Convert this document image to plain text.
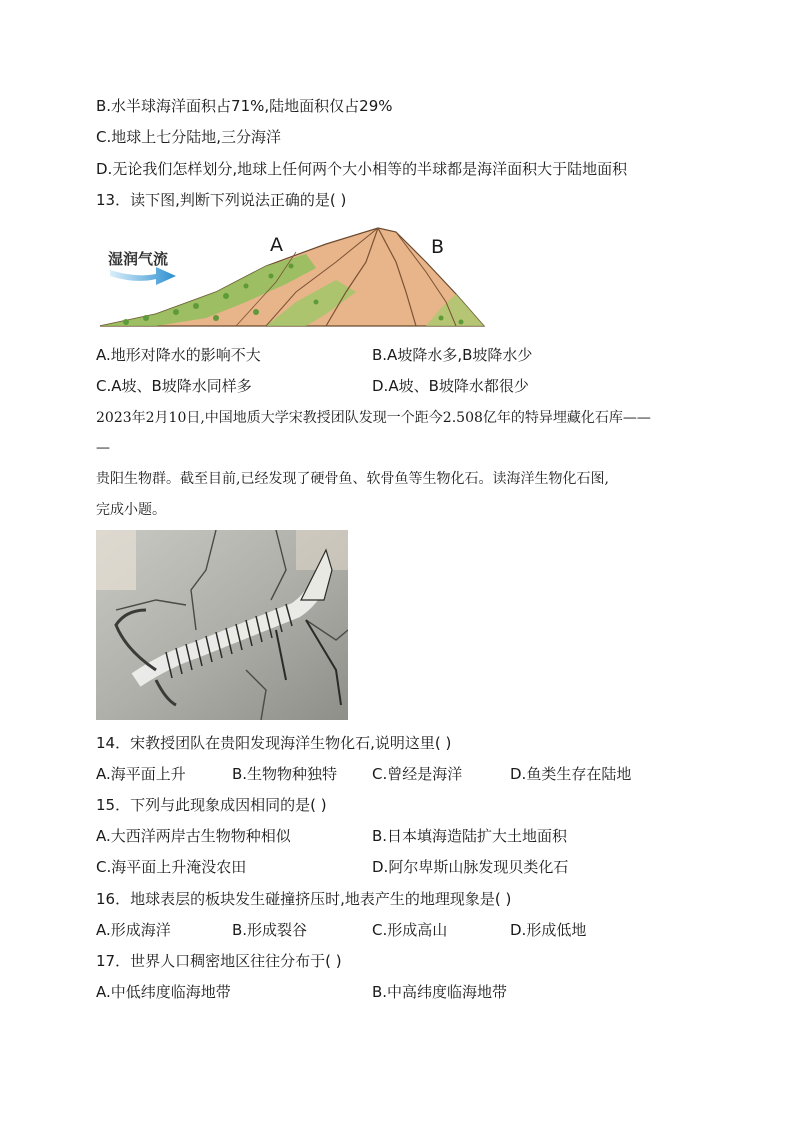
B.水半球海洋面积占71%,陆地面积仅占29%
C.地球上七分陆地,三分海洋
D.无论我们怎样划分,地球上任何两个大小相等的半球都是海洋面积大于陆地面积
13．读下图,判断下列说法正确的是( )
湿润气流
A	B
A.地形对降水的影响不大	B.A坡降水多,B坡降水少
C.A坡、B坡降水同样多	D.A坡、B坡降水都很少
2023年2月10日,中国地质大学宋教授团队发现一个距今2.508亿年的特异埋藏化石库——
—
贵阳生物群。截至目前,已经发现了硬骨鱼、软骨鱼等生物化石。读海洋生物化石图,
完成小题。
14．宋教授团队在贵阳发现海洋生物化石,说明这里( )
A.海平面上升	B.生物物种独特 C.曾经是海洋	D.鱼类生存在陆地
15．下列与此现象成因相同的是( )
A.大西洋两岸古生物物种相似	B.日本填海造陆扩大土地面积
C.海平面上升淹没农田	D.阿尔卑斯山脉发现贝类化石
16．地球表层的板块发生碰撞挤压时,地表产生的地理现象是( )
A.形成海洋	B.形成裂谷	C.形成高山	D.形成低地
17．世界人口稠密地区往往分布于( )
A.中低纬度临海地带	B.中高纬度临海地带
